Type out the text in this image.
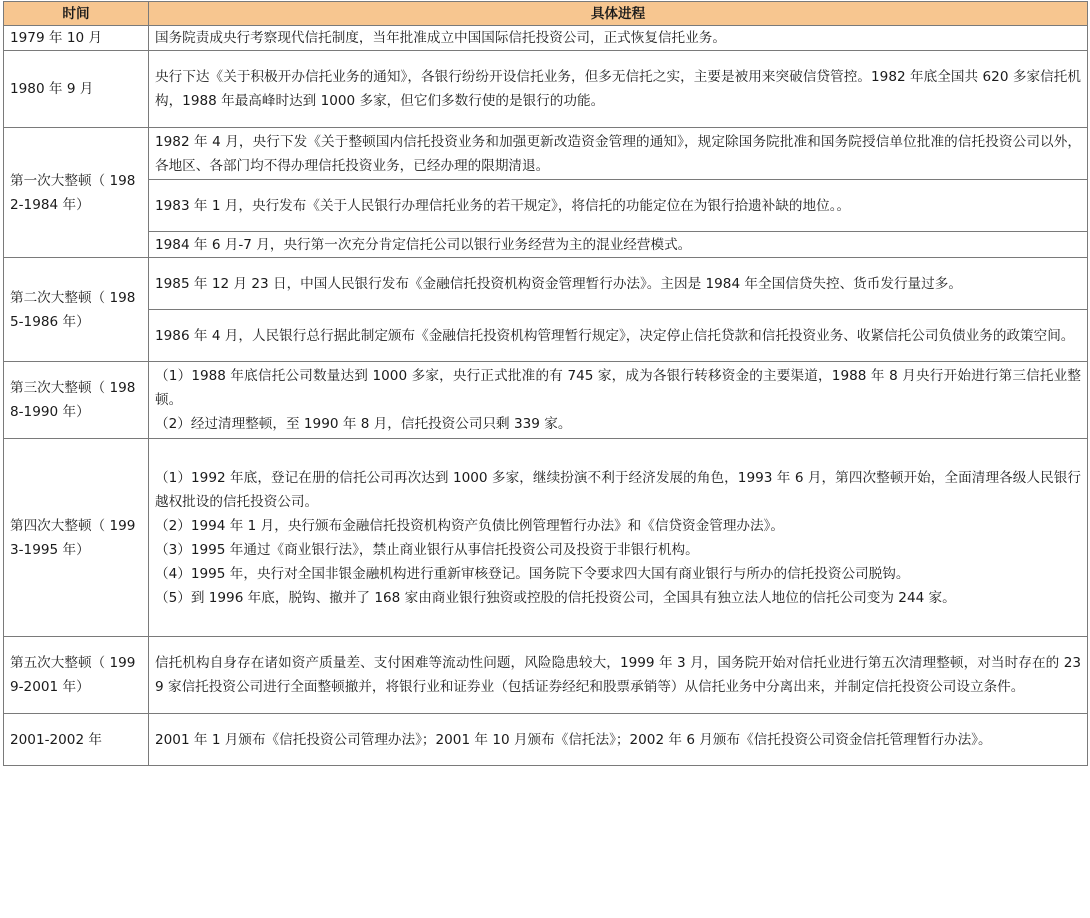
时间	具体进程
1979 年 10 月	国务院责成央行考察现代信托制度，当年批准成立中国国际信托投资公司，正式恢复信托业务。

1980 年 9 月	央行下达《关于积极开办信托业务的通知》，各银行纷纷开设信托业务，但多无信托之实，主要是被用来突破信贷管控。1982 年底全国共 620 多家信托机构，1988 年最高峰时达到 1000 多家，但它们多数行使的是银行的功能。

第一次大整顿（ 1982-1984 年）	1982 年 4 月，央行下发《关于整顿国内信托投资业务和加强更新改造资金管理的通知》，规定除国务院批准和国务院授信单位批准的信托投资公司以外，各地区、各部门均不得办理信托投资业务，已经办理的限期清退。

	1983 年 1 月，央行发布《关于人民银行办理信托业务的若干规定》，将信托的功能定位在为银行拾遗补缺的地位。。

	1984 年 6 月-7 月，央行第一次充分肯定信托公司以银行业务经营为主的混业经营模式。

第二次大整顿（ 1985-1986 年）	1985 年 12 月 23 日，中国人民银行发布《金融信托投资机构资金管理暂行办法》。主因是 1984 年全国信贷失控、货币发行量过多。

	1986 年 4 月，人民银行总行据此制定颁布《金融信托投资机构管理暂行规定》，决定停止信托贷款和信托投资业务、收紧信托公司负债业务的政策空间。

第三次大整顿（ 1988-1990 年）	（1）1988 年底信托公司数量达到 1000 多家，央行正式批准的有 745 家，成为各银行转移资金的主要渠道，1988 年 8 月央行开始进行第三信托业整顿。
（2）经过清理整顿，至 1990 年 8 月，信托投资公司只剩 339 家。

第四次大整顿（ 1993-1995 年）	（1）1992 年底，登记在册的信托公司再次达到 1000 多家，继续扮演不利于经济发展的角色，1993 年 6 月，第四次整顿开始，全面清理各级人民银行越权批设的信托投资公司。
（2）1994 年 1 月，央行颁布金融信托投资机构资产负债比例管理暂行办法》和《信贷资金管理办法》。
（3）1995 年通过《商业银行法》，禁止商业银行从事信托投资公司及投资于非银行机构。
（4）1995 年，央行对全国非银金融机构进行重新审核登记。国务院下令要求四大国有商业银行与所办的信托投资公司脱钩。
（5）到 1996 年底，脱钩、撤并了 168 家由商业银行独资或控股的信托投资公司，全国具有独立法人地位的信托公司变为 244 家。

第五次大整顿（ 1999-2001 年）	信托机构自身存在诸如资产质量差、支付困难等流动性问题，风险隐患较大，1999 年 3 月，国务院开始对信托业进行第五次清理整顿，对当时存在的 239 家信托投资公司进行全面整顿撤并，将银行业和证券业（包括证券经纪和股票承销等）从信托业务中分离出来，并制定信托投资公司设立条件。

2001-2002 年	2001 年 1 月颁布《信托投资公司管理办法》；2001 年 10 月颁布《信托法》；2002 年 6 月颁布《信托投资公司资金信托管理暂行办法》。
